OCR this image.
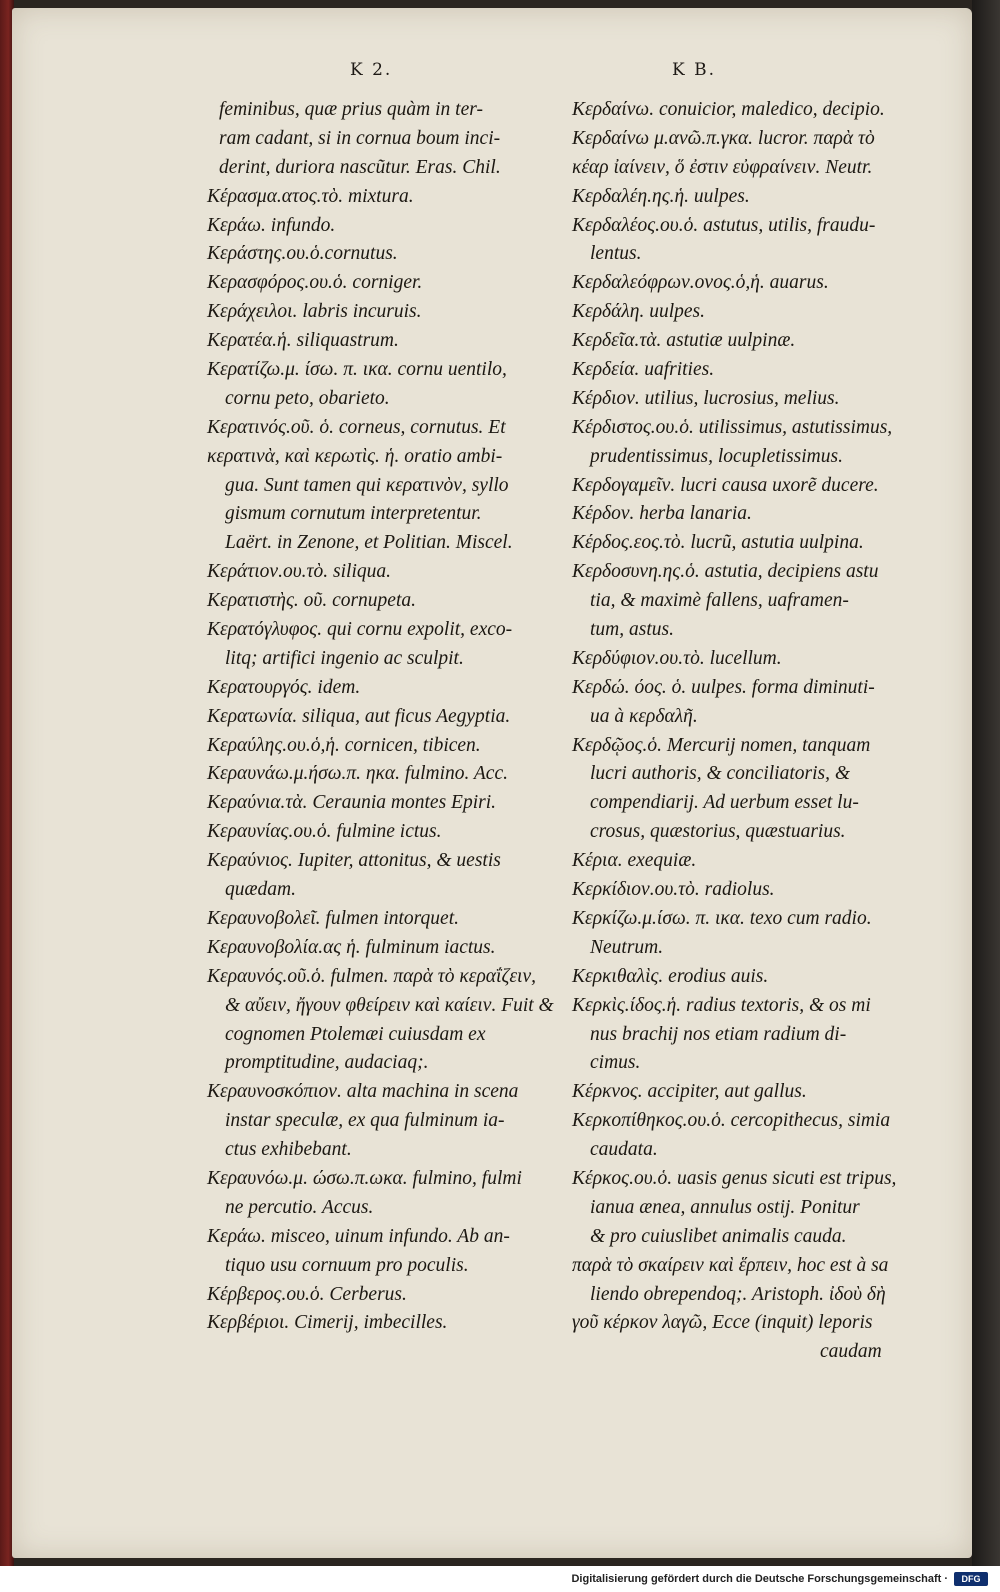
K 2.	K B.
feminibus, quæ prius quàm in ter-
ram cadant, si in cornua boum inci-
derint, duriora nascũtur. Eras. Chil.
Κέρασμα.ατος.τὸ. mixtura.
Κεράω. infundo.
Κεράστης.ου.ὁ.cornutus.
Κερασφόρος.ου.ὁ. corniger.
Κεράχειλοι. labris incuruis.
Κερατέα.ἡ. siliquastrum.
Κερατίζω.μ. ίσω. π. ικα. cornu uentilo,
cornu peto, obarieto.
Κερατινός.οῦ. ὁ. corneus, cornutus. Et
κερατινὰ, καὶ κερωτὶς. ἡ. oratio ambi-
gua. Sunt tamen qui κερατινὸν, syllo
gismum cornutum interpretentur.
Laërt. in Zenone, et Politian. Miscel.
Κεράτιον.ου.τὸ. siliqua.
Κερατιστὴς. οῦ. cornupeta.
Κερατόγλυφος. qui cornu expolit, exco-
litq; artifici ingenio ac sculpit.
Κερατουργός. idem.
Κερατωνία. siliqua, aut ficus Aegyptia.
Κεραύλης.ου.ὁ,ἡ. cornicen, tibicen.
Κεραυνάω.μ.ήσω.π. ηκα. fulmino. Acc.
Κεραύνια.τὰ. Ceraunia montes Epiri.
Κεραυνίας.ου.ὁ. fulmine ictus.
Κεραύνιος. Iupiter, attonitus, & uestis
quædam.
Κεραυνοβολεῖ. fulmen intorquet.
Κεραυνοβολία.ας ἡ. fulminum iactus.
Κεραυνός.οῦ.ὁ. fulmen. παρὰ τὸ κεραΐζειν,
& αὔειν, ἤγουν φθείρειν καὶ καίειν. Fuit &
cognomen Ptolemæi cuiusdam ex
promptitudine, audaciaq;.
Κεραυνοσκόπιον. alta machina in scena
instar speculæ, ex qua fulminum ia-
ctus exhibebant.
Κεραυνόω.μ. ώσω.π.ωκα. fulmino, fulmi
ne percutio. Accus.
Κεράω. misceo, uinum infundo. Ab an-
tiquo usu cornuum pro poculis.
Κέρβερος.ου.ὁ. Cerberus.
Κερβέριοι. Cimerij, imbecilles.
Κερδαίνω. conuicior, maledico, decipio.
Κερδαίνω μ.ανῶ.π.γκα. lucror. παρὰ τὸ
κέαρ ἰαίνειν, ὅ ἐστιν εὐφραίνειν. Neutr.
Κερδαλέη.ης.ἡ. uulpes.
Κερδαλέος.ου.ὁ. astutus, utilis, fraudu-
lentus.
Κερδαλεόφρων.ονος.ὁ,ἡ. auarus.
Κερδάλη. uulpes.
Κερδεῖα.τὰ. astutiæ uulpinæ.
Κερδεία. uafrities.
Κέρδιον. utilius, lucrosius, melius.
Κέρδιστος.ου.ὁ. utilissimus, astutissimus,
prudentissimus, locupletissimus.
Κερδογαμεῖν. lucri causa uxorẽ ducere.
Κέρδον. herba lanaria.
Κέρδος.εος.τὸ. lucrũ, astutia uulpina.
Κερδοσυνη.ης.ὁ. astutia, decipiens astu
tia, & maximè fallens, uaframen-
tum, astus.
Κερδύφιον.ου.τὸ. lucellum.
Κερδώ. όος. ὁ. uulpes. forma diminuti-
ua à κερδαλῆ.
Κερδῷος.ὁ. Mercurij nomen, tanquam
lucri authoris, & conciliatoris, &
compendiarij. Ad uerbum esset lu-
crosus, quæstorius, quæstuarius.
Κέρια. exequiæ.
Κερκίδιον.ου.τὸ. radiolus.
Κερκίζω.μ.ίσω. π. ικα. texo cum radio.
Neutrum.
Κερκιθαλὶς. erodius auis.
Κερκὶς.ίδος.ἡ. radius textoris, & os mi
nus brachij nos etiam radium di-
cimus.
Κέρκνος. accipiter, aut gallus.
Κερκοπίθηκος.ου.ὁ. cercopithecus, simia
caudata.
Κέρκος.ου.ὁ. uasis genus sicuti est tripus,
ianua ænea, annulus ostij. Ponitur
& pro cuiuslibet animalis cauda.
παρὰ τὸ σκαίρειν καὶ ἕρπειν, hoc est à sa
liendo obrependoq;. Aristoph. ἰδοὺ δὴ
γοῦ κέρκον λαγῶ, Ecce (inquit) leporis
caudam
Digitalisierung gefördert durch die Deutsche Forschungsgemeinschaft ·	DFG
